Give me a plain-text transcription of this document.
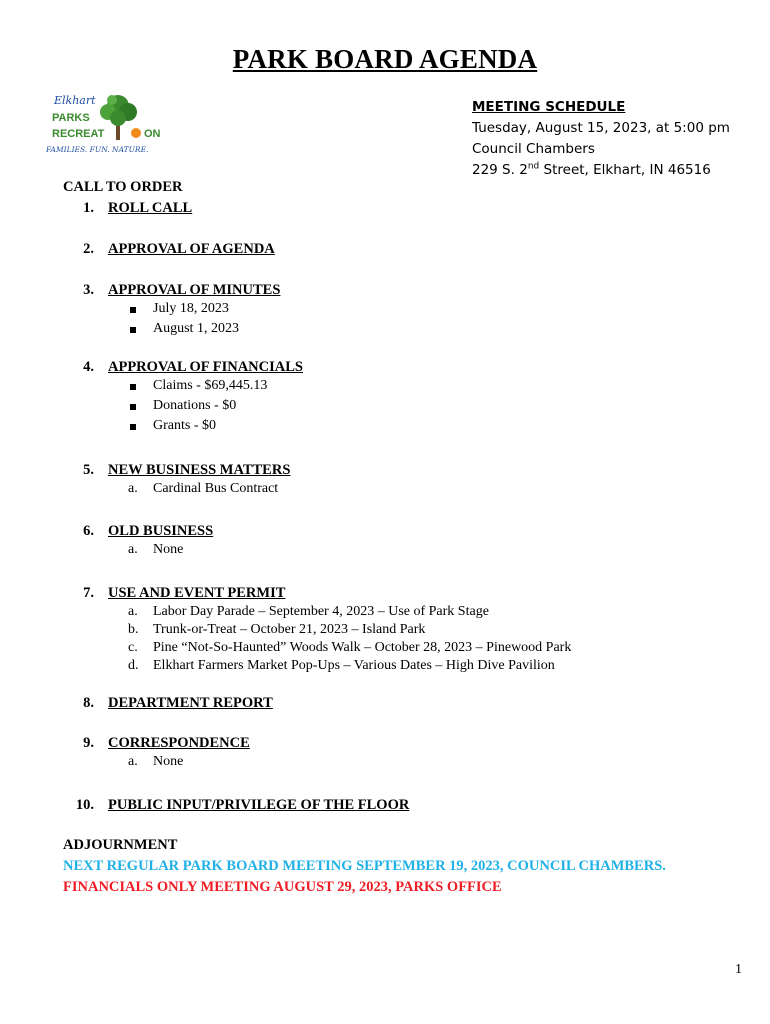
PARK BOARD AGENDA
Elkhart
PARKS
RECREAT	ON
FAMILIES. FUN. NATURE.
MEETING SCHEDULE
Tuesday, August 15, 2023, at 5:00 pm
Council Chambers
229 S. 2nd Street, Elkhart, IN 46516
CALL TO ORDER
1. ROLL CALL
2. APPROVAL OF AGENDA
3. APPROVAL OF MINUTES
July 18, 2023
August 1, 2023
4. APPROVAL OF FINANCIALS
Claims - $69,445.13
Donations - $0
Grants - $0
5. NEW BUSINESS MATTERS
a.	Cardinal Bus Contract
6. OLD BUSINESS
a.	None
7. USE AND EVENT PERMIT
a.	Labor Day Parade – September 4, 2023 – Use of Park Stage
b. Trunk-or-Treat – October 21, 2023 – Island Park
c.	Pine “Not-So-Haunted” Woods Walk – October 28, 2023 – Pinewood Park
d. Elkhart Farmers Market Pop-Ups – Various Dates – High Dive Pavilion
8. DEPARTMENT REPORT
9. CORRESPONDENCE
a.	None
10. PUBLIC INPUT/PRIVILEGE OF THE FLOOR
ADJOURNMENT
NEXT REGULAR PARK BOARD MEETING SEPTEMBER 19, 2023, COUNCIL CHAMBERS.
FINANCIALS ONLY MEETING AUGUST 29, 2023, PARKS OFFICE
1
